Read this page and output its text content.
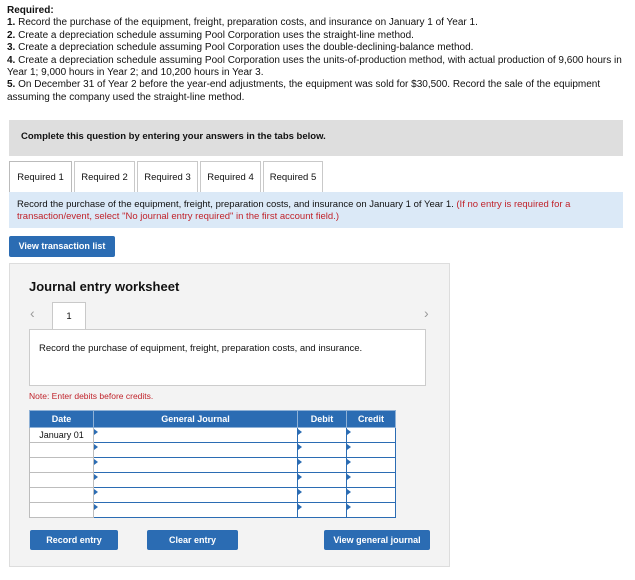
Required:
1. Record the purchase of the equipment, freight, preparation costs, and insurance on January 1 of Year 1.
2. Create a depreciation schedule assuming Pool Corporation uses the straight-line method.
3. Create a depreciation schedule assuming Pool Corporation uses the double-declining-balance method.
4. Create a depreciation schedule assuming Pool Corporation uses the units-of-production method, with actual production of 9,600 hours in Year 1; 9,000 hours in Year 2; and 10,200 hours in Year 3.
5. On December 31 of Year 2 before the year-end adjustments, the equipment was sold for $30,500. Record the sale of the equipment assuming the company used the straight-line method.
Complete this question by entering your answers in the tabs below.
Required 1	Required 2	Required 3	Required 4	Required 5
Record the purchase of the equipment, freight, preparation costs, and insurance on January 1 of Year 1. (If no entry is required for a transaction/event, select "No journal entry required" in the first account field.)
View transaction list
Journal entry worksheet
‹	1	›
Record the purchase of equipment, freight, preparation costs, and insurance.
Note: Enter debits before credits.
Date	General Journal	Debit	Credit
January 01			

Record entry	Clear entry	View general journal
